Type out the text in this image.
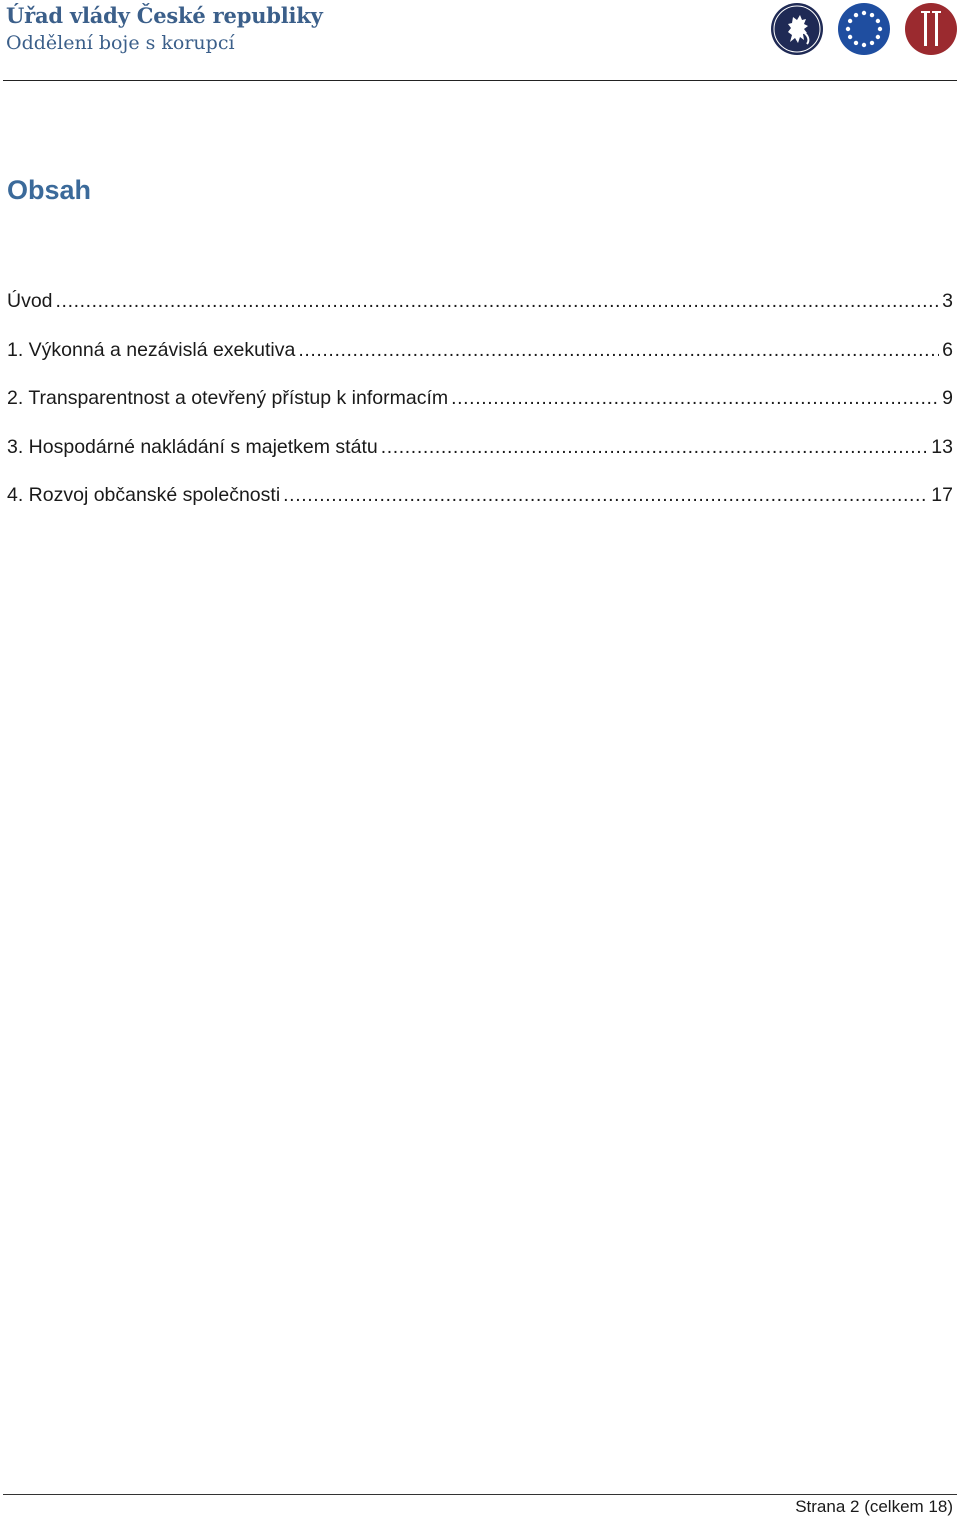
Úřad vlády České republiky
Oddělení boje s korupcí
Obsah
Úvod .....	3
1. Výkonná a nezávislá exekutiva .....	6
2. Transparentnost a otevřený přístup k informacím .....	9
3. Hospodárné nakládání s majetkem státu .....	13
4. Rozvoj občanské společnosti .....	17
Strana 2 (celkem 18)
